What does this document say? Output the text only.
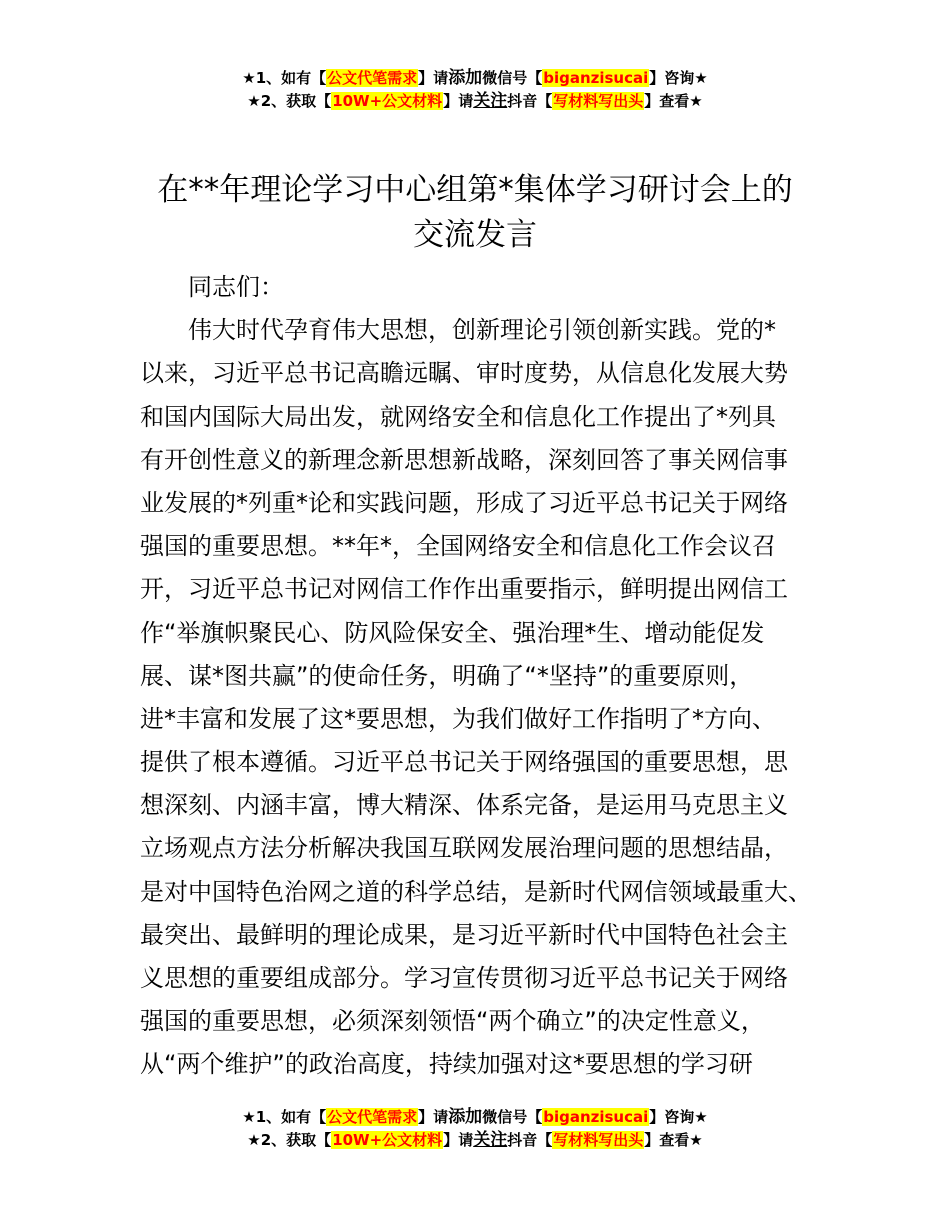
★1、如有【公文代笔需求】请添加微信号【biganzisucai】咨询★
★2、获取【10W+公文材料】请关注抖音【写材料写出头】查看★
在**年理论学习中心组第*集体学习研讨会上的
交流发言
　　同志们：
　　伟大时代孕育伟大思想，创新理论引领创新实践。党的*
以来，习近平总书记高瞻远瞩、审时度势，从信息化发展大势
和国内国际大局出发，就网络安全和信息化工作提出了*列具
有开创性意义的新理念新思想新战略，深刻回答了事关网信事
业发展的*列重*论和实践问题，形成了习近平总书记关于网络
强国的重要思想。**年*，全国网络安全和信息化工作会议召
开，习近平总书记对网信工作作出重要指示，鲜明提出网信工
作“举旗帜聚民心、防风险保安全、强治理*生、增动能促发
展、谋*图共赢”的使命任务，明确了“*坚持”的重要原则，
进*丰富和发展了这*要思想，为我们做好工作指明了*方向、
提供了根本遵循。习近平总书记关于网络强国的重要思想，思
想深刻、内涵丰富，博大精深、体系完备，是运用马克思主义
立场观点方法分析解决我国互联网发展治理问题的思想结晶，
是对中国特色治网之道的科学总结，是新时代网信领域最重大、
最突出、最鲜明的理论成果，是习近平新时代中国特色社会主
义思想的重要组成部分。学习宣传贯彻习近平总书记关于网络
强国的重要思想，必须深刻领悟“两个确立”的决定性意义，
从“两个维护”的政治高度，持续加强对这*要思想的学习研
★1、如有【公文代笔需求】请添加微信号【biganzisucai】咨询★
★2、获取【10W+公文材料】请关注抖音【写材料写出头】查看★
